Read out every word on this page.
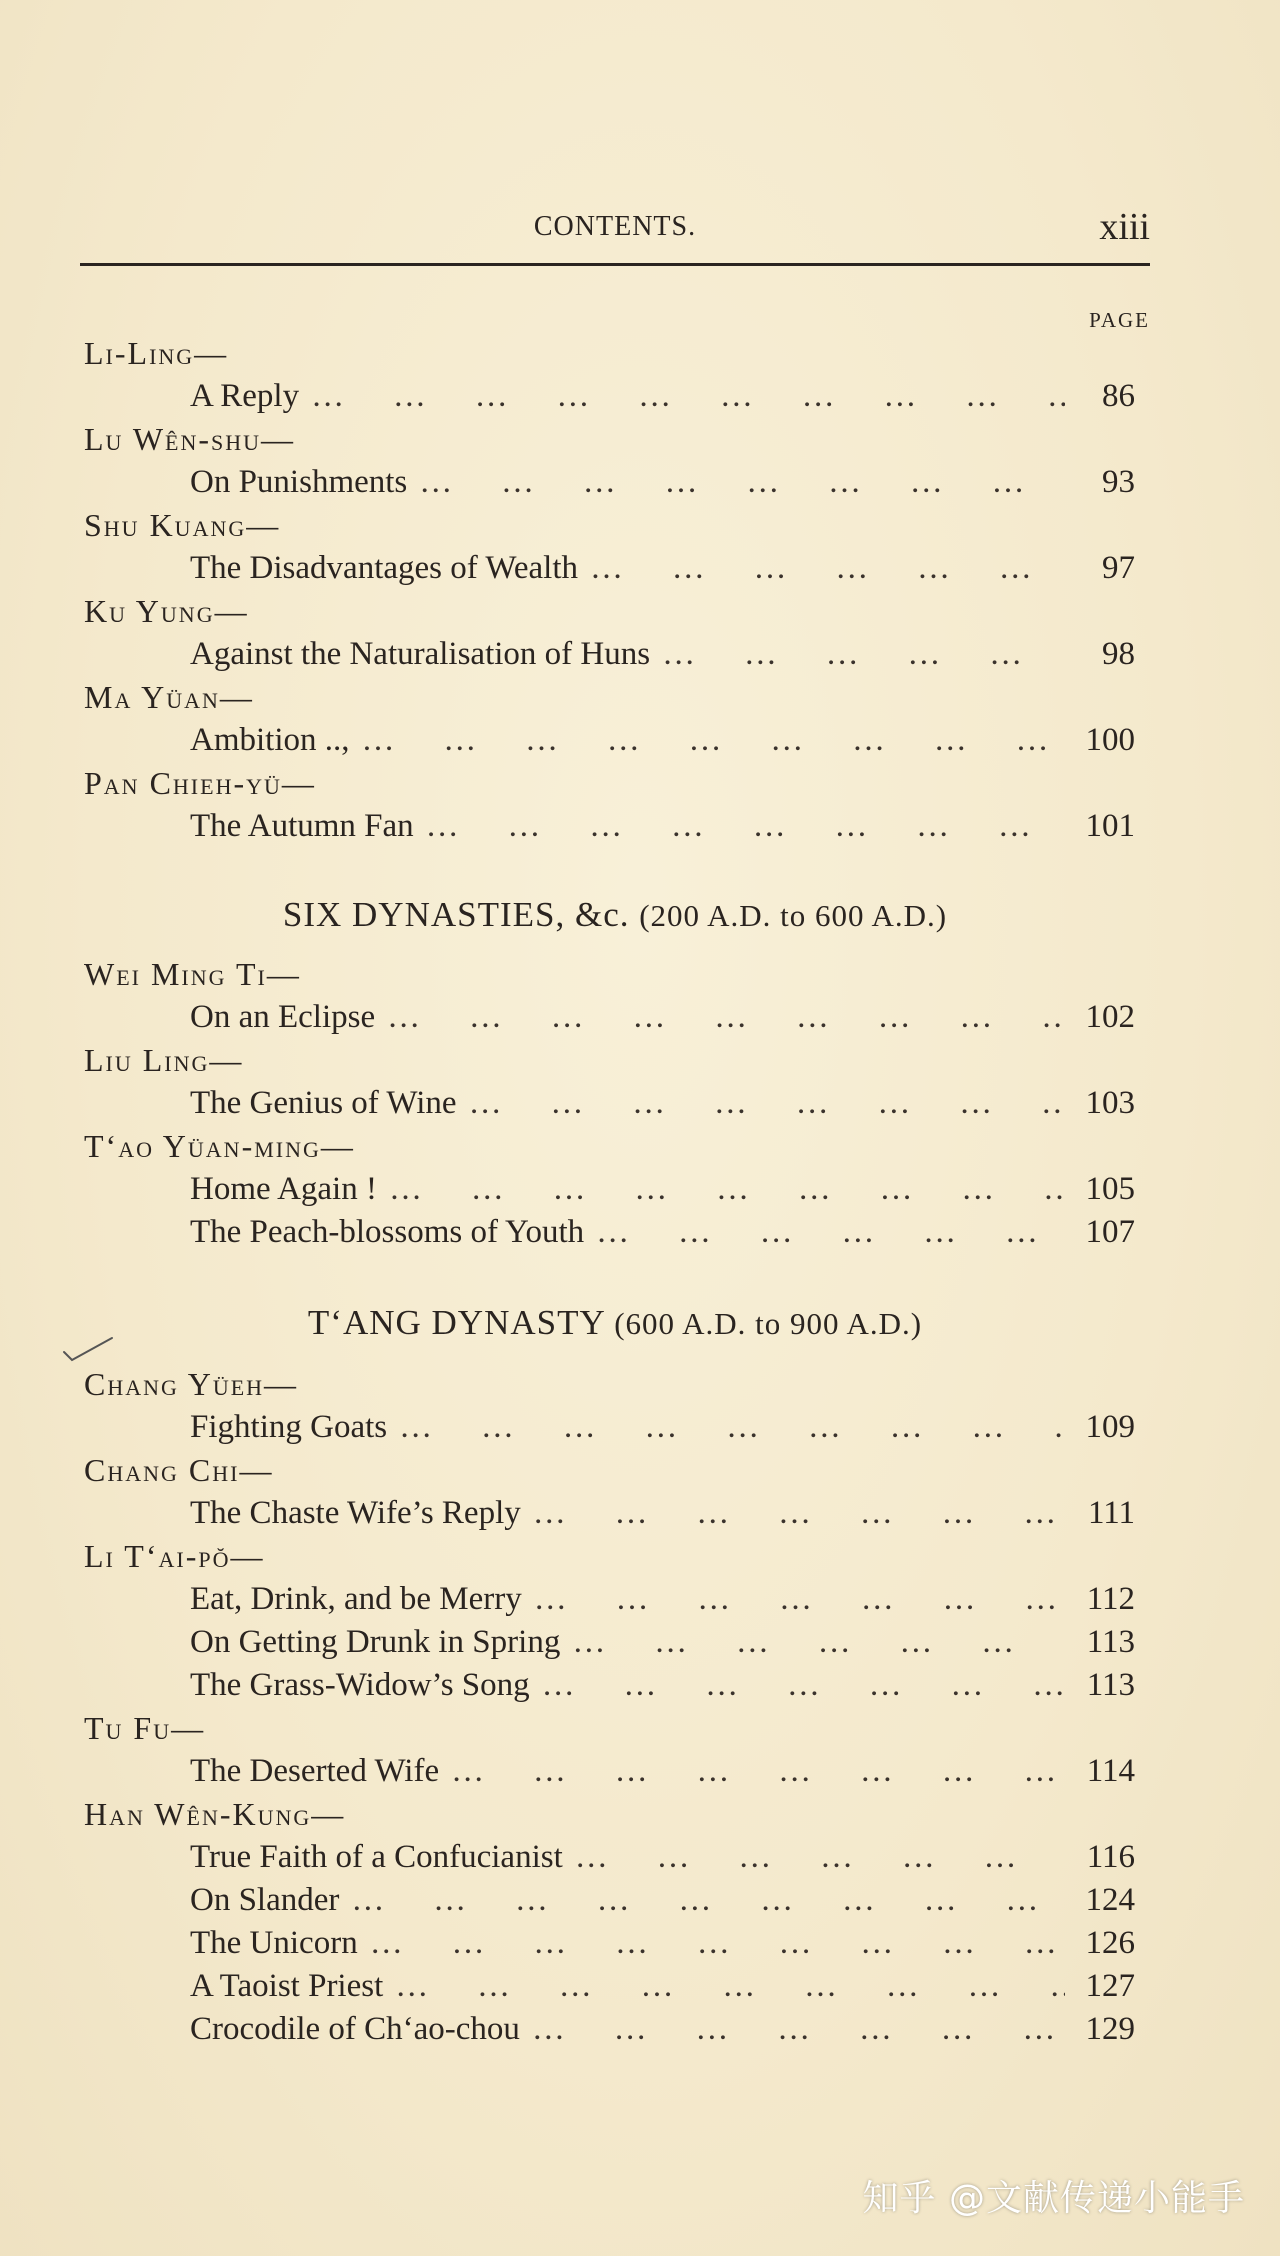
CONTENTS.	xiii
PAGE
Li-Ling—
A Reply … … … … … … … … … … … … … …	86
Lu Wên-shu—
On Punishments … … … … … … … … … … … … … …	93
Shu Kuang—
The Disadvantages of Wealth … … … … … … … … … … … … … …	97
Ku Yung—
Against the Naturalisation of Huns … … … … … … … … … … … … … …	98
Ma Yüan—
Ambition .., … … … … … … … … … … … … … …	100
Pan Chieh-yü—
The Autumn Fan … … … … … … … … … … … … … …	101
SIX DYNASTIES, &c. (200 A.D. to 600 A.D.)
Wei Ming Ti—
On an Eclipse … … … … … … … … … … … … … …	102
Liu Ling—
The Genius of Wine … … … … … … … … … … … … … …	103
T‘ao Yüan-ming—
Home Again ! … … … … … … … … … … … … … …	105
The Peach-blossoms of Youth … … … … … … … … … … … … … …	107
T‘ANG DYNASTY (600 A.D. to 900 A.D.)
Chang Yüeh—
Fighting Goats … … … … … … … … … … … … … …	109
Chang Chi—
The Chaste Wife’s Reply … … … … … … … … … … … … … …	111
Li T‘ai-pŏ—
Eat, Drink, and be Merry … … … … … … … … … … … … … …	112
On Getting Drunk in Spring … … … … … … … … … … … … … …	113
The Grass-Widow’s Song … … … … … … … … … … … … … …	113
Tu Fu—
The Deserted Wife … … … … … … … … … … … … … …	114
Han Wên-Kung—
True Faith of a Confucianist … … … … … … … … … … … … … …	116
On Slander … … … … … … … … … … … … … …	124
The Unicorn … … … … … … … … … … … … … …	126
A Taoist Priest … … … … … … … … … … … … … …	127
Crocodile of Ch‘ao-chou … … … … … … … … … … … … … …	129
知乎 @文献传递小能手
